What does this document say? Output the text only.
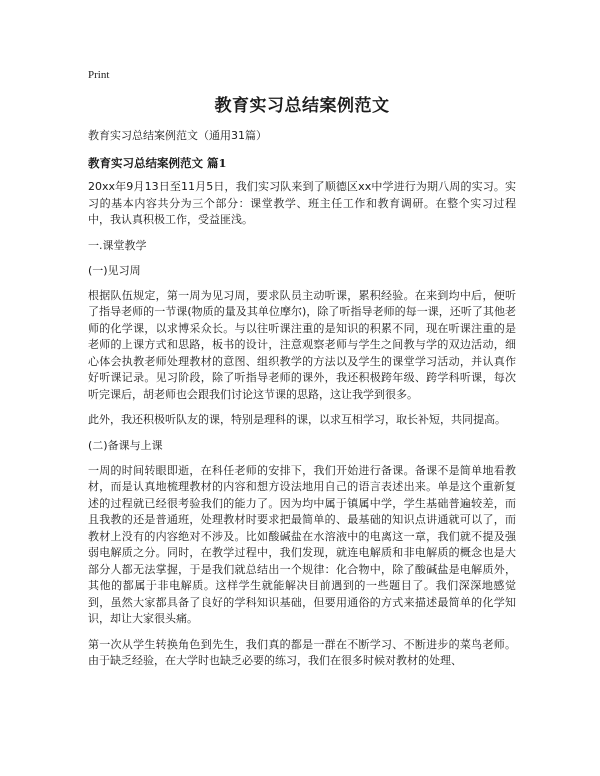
Print
教育实习总结案例范文
教育实习总结案例范文（通用31篇）
教育实习总结案例范文 篇1

20xx年9月13日至11月5日，我们实习队来到了顺德区xx中学进行为期八周的实习。实习的基本内容共分为三个部分：课堂教学、班主任工作和教育调研。在整个实习过程中，我认真积极工作，受益匪浅。

一.课堂教学

(一)见习周

根据队伍规定，第一周为见习周，要求队员主动听课，累积经验。在来到均中后，便听了指导老师的一节课(物质的量及其单位摩尔)，除了听指导老师的每一课，还听了其他老师的化学课，以求博采众长。与以往听课注重的是知识的积累不同，现在听课注重的是老师的上课方式和思路，板书的设计，注意观察老师与学生之间教与学的双边活动，细心体会执教老师处理教材的意图、组织教学的方法以及学生的课堂学习活动，并认真作好听课记录。见习阶段，除了听指导老师的课外，我还积极跨年级、跨学科听课，每次听完课后，胡老师也会跟我们讨论这节课的思路，这让我学到很多。

此外，我还积极听队友的课，特别是理科的课，以求互相学习，取长补短，共同提高。

(二)备课与上课

一周的时间转眼即逝，在科任老师的安排下，我们开始进行备课。备课不是简单地看教材，而是认真地梳理教材的内容和想方设法地用自己的语言表述出来。单是这个重新复述的过程就已经很考验我们的能力了。因为均中属于镇属中学，学生基础普遍较差，而且我教的还是普通班，处理教材时要求把最简单的、最基础的知识点讲通就可以了，而教材上没有的内容绝对不涉及。比如酸碱盐在水溶液中的电离这一章，我们就不提及强弱电解质之分。同时，在教学过程中，我们发现，就连电解质和非电解质的概念也是大部分人都无法掌握，于是我们就总结出一个规律：化合物中，除了酸碱盐是电解质外，其他的都属于非电解质。这样学生就能解决目前遇到的一些题目了。我们深深地感觉到，虽然大家都具备了良好的学科知识基础，但要用通俗的方式来描述最简单的化学知识，却让大家很头痛。

第一次从学生转换角色到先生，我们真的都是一群在不断学习、不断进步的菜鸟老师。由于缺乏经验，在大学时也缺乏必要的练习，我们在很多时候对教材的处理、
